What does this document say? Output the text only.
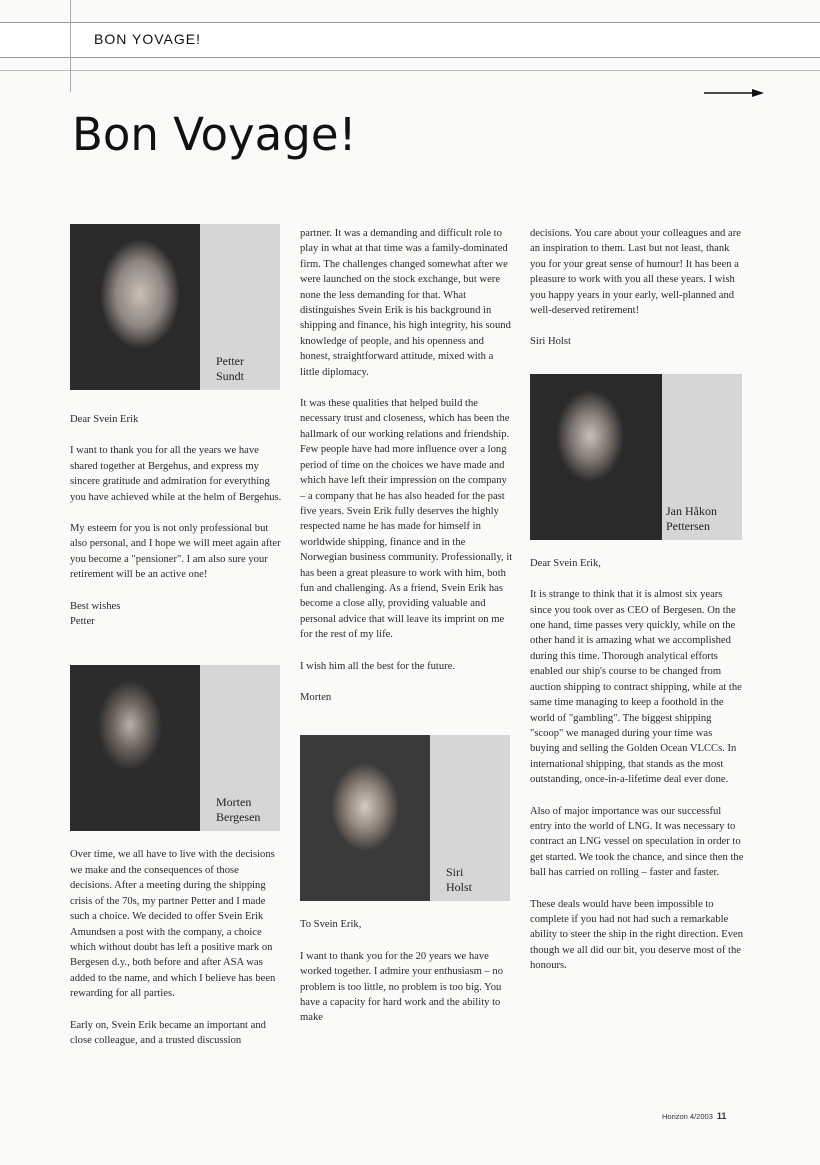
BON YOVAGE!
Bon Voyage!
Petter
Sundt

Dear Svein Erik

I want to thank you for all the years we have shared together at Bergehus, and express my sincere gratitude and admiration for everything you have achieved while at the helm of Bergehus.

My esteem for you is not only professional but also personal, and I hope we will meet again after you become a "pensioner". I am also sure your retirement will be an active one!

Best wishes
Petter

Morten
Bergesen

Over time, we all have to live with the decisions we make and the consequences of those decisions. After a meeting during the shipping crisis of the 70s, my partner Petter and I made such a choice. We decided to offer Svein Erik Amundsen a post with the company, a choice which without doubt has left a positive mark on Bergesen d.y., both before and after ASA was added to the name, and which I believe has been rewarding for all parties.

Early on, Svein Erik became an important and close colleague, and a trusted discussion

partner. It was a demanding and difficult role to play in what at that time was a family-dominated firm. The challenges changed somewhat after we were launched on the stock exchange, but were none the less demanding for that. What distinguishes Svein Erik is his background in shipping and finance, his high integrity, his sound knowledge of people, and his openness and honest, straightforward attitude, mixed with a little diplomacy.

It was these qualities that helped build the necessary trust and closeness, which has been the hallmark of our working relations and friendship. Few people have had more influence over a long period of time on the choices we have made and which have left their impression on the company – a company that he has also headed for the past five years. Svein Erik fully deserves the highly respected name he has made for himself in worldwide shipping, finance and in the Norwegian business community. Professionally, it has been a great pleasure to work with him, both fun and challenging. As a friend, Svein Erik has become a close ally, providing valuable and personal advice that will leave its imprint on me for the rest of my life.

I wish him all the best for the future.

Morten

Siri
Holst

To Svein Erik,

I want to thank you for the 20 years we have worked together. I admire your enthusiasm – no problem is too little, no problem is too big. You have a capacity for hard work and the ability to make

decisions. You care about your colleagues and are an inspiration to them. Last but not least, thank you for your great sense of humour! It has been a pleasure to work with you all these years. I wish you happy years in your early, well-planned and well-deserved retirement!

Siri Holst

Jan Håkon
Pettersen

Dear Svein Erik,

It is strange to think that it is almost six years since you took over as CEO of Bergesen. On the one hand, time passes very quickly, while on the other hand it is amazing what we accomplished during this time. Thorough analytical efforts enabled our ship's course to be changed from auction shipping to contract shipping, while at the same time managing to keep a foothold in the world of "gambling". The biggest shipping "scoop" we managed during your time was buying and selling the Golden Ocean VLCCs. In international shipping, that stands as the most outstanding, once-in-a-lifetime deal ever done.

Also of major importance was our successful entry into the world of LNG. It was necessary to contract an LNG vessel on speculation in order to get started. We took the chance, and since then the ball has carried on rolling – faster and faster.

These deals would have been impossible to complete if you had not had such a remarkable ability to steer the ship in the right direction. Even though we all did our bit, you deserve most of the honours.

Horizon 4/2003 11
